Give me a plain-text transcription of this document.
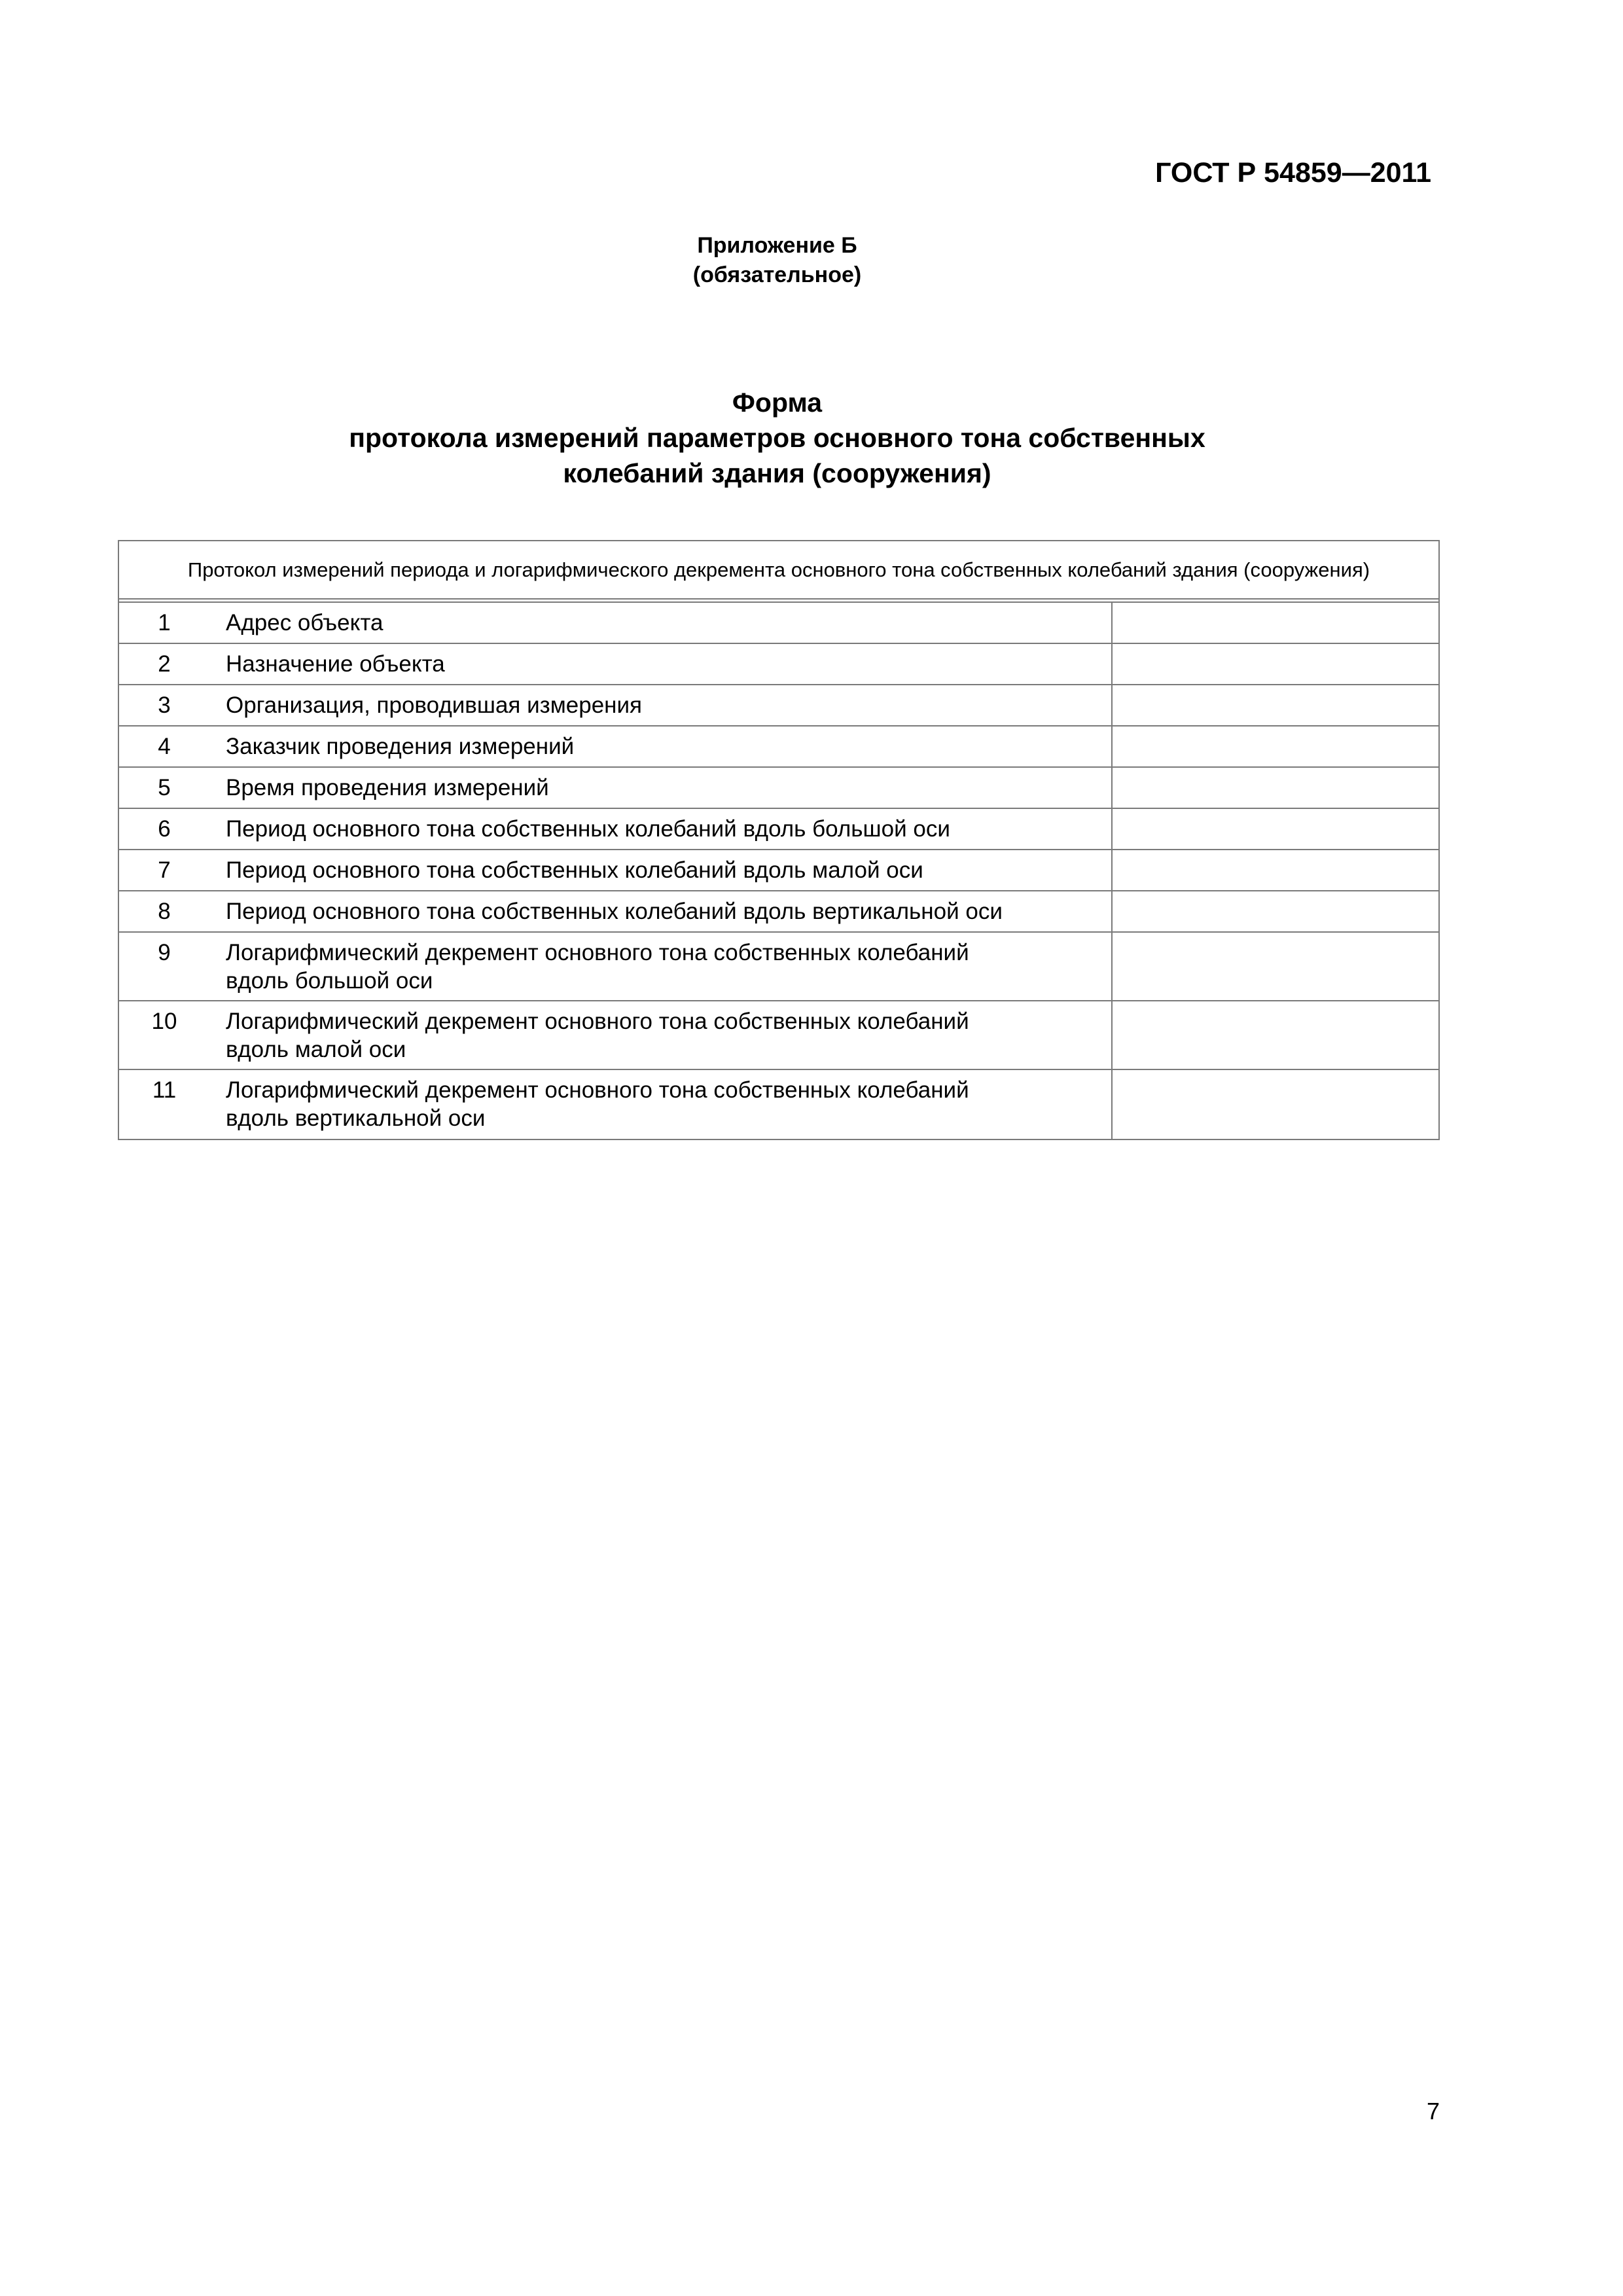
ГОСТ Р 54859—2011
Приложение Б
(обязательное)
Форма
протокола измерений параметров основного тона собственных
колебаний здания (сооружения)
Протокол измерений периода и логарифмического декремента основного тона собственных колебаний здания (сооружения)
1	Адрес объекта
2	Назначение объекта
3	Организация, проводившая измерения
4	Заказчик проведения измерений
5	Время проведения измерений
6	Период основного тона собственных колебаний вдоль большой оси
7	Период основного тона собственных колебаний вдоль малой оси
8	Период основного тона собственных колебаний вдоль вертикальной оси
9	Логарифмический декремент основного тона собственных колебаний
вдоль большой оси
10	Логарифмический декремент основного тона собственных колебаний
вдоль малой оси
11	Логарифмический декремент основного тона собственных колебаний
вдоль вертикальной оси
7
